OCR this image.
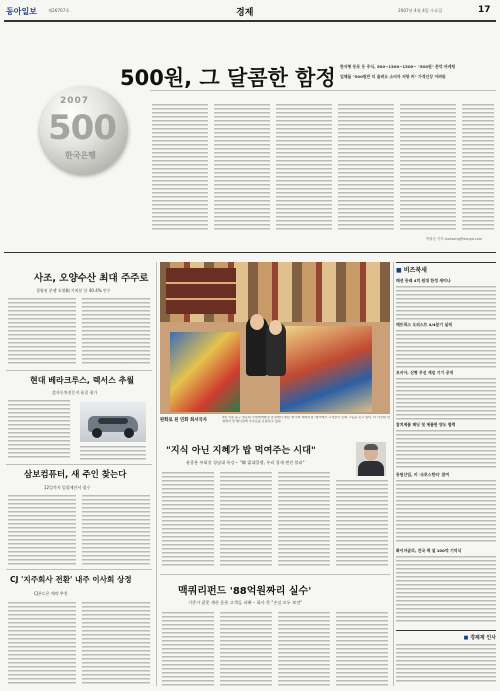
동아일보	제26707호	경제	2007년 4월 4일 수요일	17
2007
500
한국은행
500원, 그 달콤한 함정 한자형 동포 등 주식, 500~1300~1500~ "500원" 폰덕 마케팅
업체들 "500원만 더 줄려도 소비자 저항 커" 가격인상 어려워
박형준 기자 lovesong@donga.com
사조, 오양수산 최대 주주로
경영권 분쟁 오양側 가처분 등 40.4% 인수
현대 베라크루스, 렉서스 추월
美자동차전문지 품질 평가
삼보컴퓨터, 새 주인 찾는다
12일까지 입찰제안서 접수
CJ '지주회사 전환' 내주 이사회 상정
CJ푸드은 예약 추천
판화로 된 민화 희서국자
3일 서울 중구 명동의 신세계백화점 본점에서 열린 '한국의 재래시장' 행사에서 고객들이 민화 그림을 보고 있다. 이 사진의 한 점에서 한 행사장에 수수료를 유통하고 있다.
■ 비즈북새
패션 동래 4억 원대 한정 세미나
매트릭스 오피스트 4/4분기 실적
보키아, 신형 무선 게임 기기 공개
참치제품 패딩 첫 제품판 양도 협력
동원산업, 미 '크루스헌터' 참여
화이자글리, 건국 잭 설 100억 기억식
■ 경제계 인사
"지식 아닌 지혜가 밥 먹여주는 시대"
윤종용 부회장 경남대 특강··· "韓 富대물쟁, 우리 경제 엔진 불러"
맥쿼리펀드 '88억원짜리 실수'
기준가 잘못 계산 운용 고객들 피해··· 회사 측 "손실 모두 보전"
